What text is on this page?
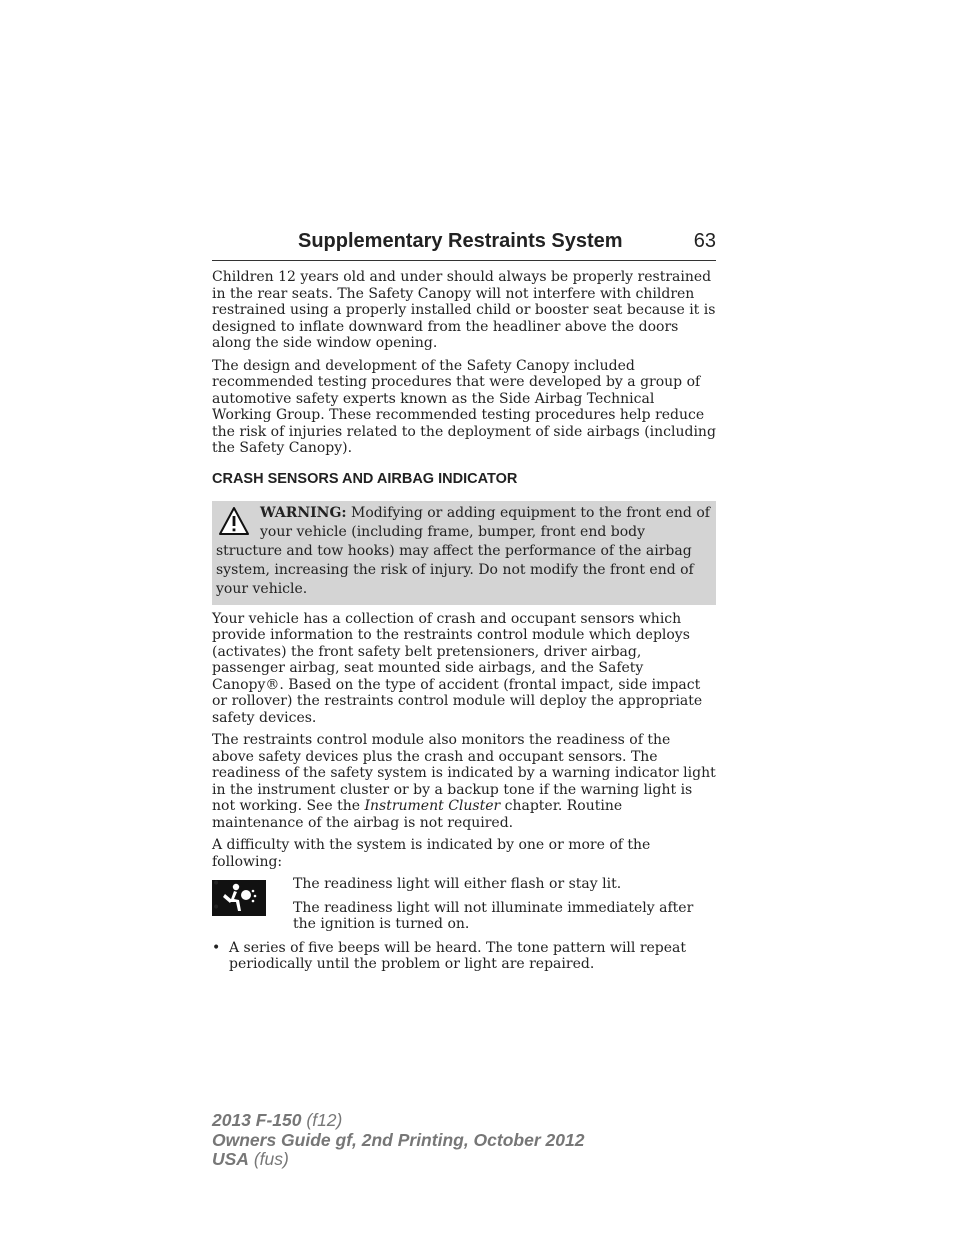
Supplementary Restraints System	63

Children 12 years old and under should always be properly restrained in the rear seats. The Safety Canopy will not interfere with children restrained using a properly installed child or booster seat because it is designed to inflate downward from the headliner above the doors along the side window opening.

The design and development of the Safety Canopy included recommended testing procedures that were developed by a group of automotive safety experts known as the Side Airbag Technical Working Group. These recommended testing procedures help reduce the risk of injuries related to the deployment of side airbags (including the Safety Canopy).

CRASH SENSORS AND AIRBAG INDICATOR
WARNING: Modifying or adding equipment to the front end of your vehicle (including frame, bumper, front end body structure and tow hooks) may affect the performance of the airbag system, increasing the risk of injury. Do not modify the front end of your vehicle.

Your vehicle has a collection of crash and occupant sensors which provide information to the restraints control module which deploys (activates) the front safety belt pretensioners, driver airbag, passenger airbag, seat mounted side airbags, and the Safety Canopy®. Based on the type of accident (frontal impact, side impact or rollover) the restraints control module will deploy the appropriate safety devices.

The restraints control module also monitors the readiness of the above safety devices plus the crash and occupant sensors. The readiness of the safety system is indicated by a warning indicator light in the instrument cluster or by a backup tone if the warning light is not working. See the Instrument Cluster chapter. Routine maintenance of the airbag is not required.

A difficulty with the system is indicated by one or more of the following:

•	The readiness light will either flash or stay lit.
•	The readiness light will not illuminate immediately after the ignition is turned on.
• A series of five beeps will be heard. The tone pattern will repeat periodically until the problem or light are repaired.
2013 F-150 (f12)
Owners Guide gf, 2nd Printing, October 2012
USA (fus)
